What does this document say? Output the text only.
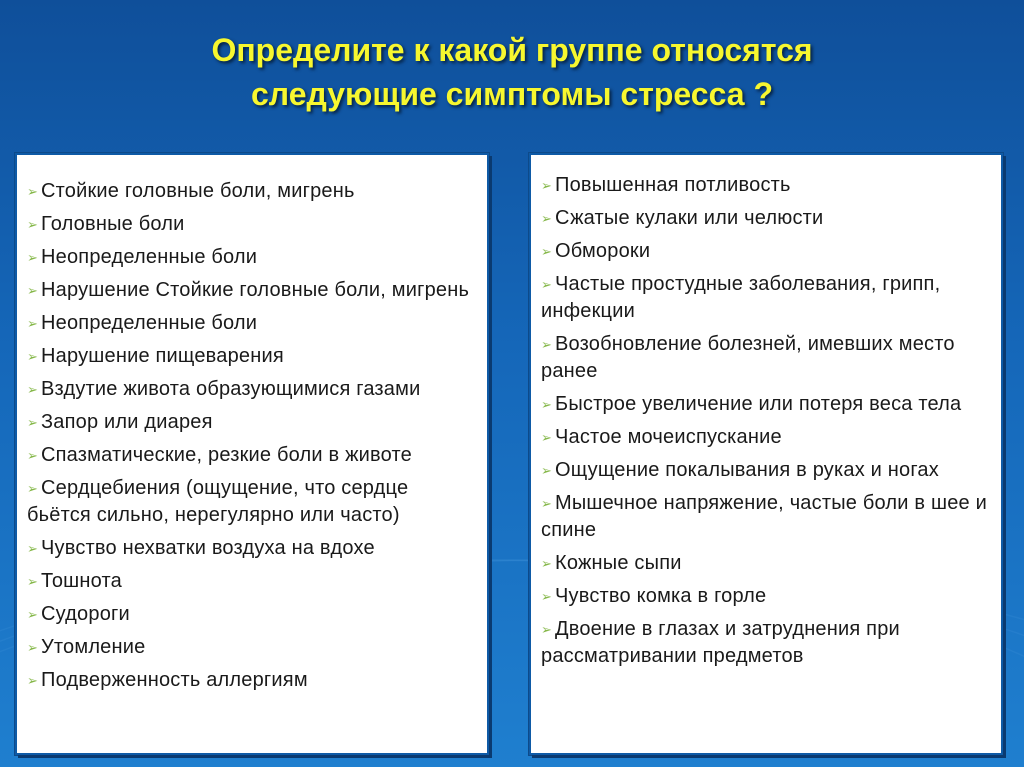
Определите к какой группе относятся
следующие симптомы стресса ?
➢ Стойкие головные боли, мигрень
➢ Головные боли
➢ Неопределенные боли
➢ Нарушение Стойкие головные боли, мигрень
➢ Неопределенные боли
➢ Нарушение пищеварения
➢ Вздутие живота образующимися газами
➢ Запор или диарея
➢ Спазматические, резкие боли в животе
➢ Сердцебиения (ощущение, что сердце бьётся сильно, нерегулярно или часто)
➢ Чувство нехватки воздуха на вдохе
➢ Тошнота
➢ Судороги
➢ Утомление
➢ Подверженность аллергиям
➢ Повышенная потливость
➢ Сжатые кулаки или челюсти
➢ Обмороки
➢ Частые простудные заболевания, грипп, инфекции
➢ Возобновление болезней, имевших место ранее
➢ Быстрое увеличение или потеря веса тела
➢ Частое мочеиспускание
➢ Ощущение покалывания в руках и ногах
➢ Мышечное напряжение, частые боли в шее и спине
➢ Кожные сыпи
➢ Чувство комка в горле
➢ Двоение в глазах и затруднения при рассматривании предметов
